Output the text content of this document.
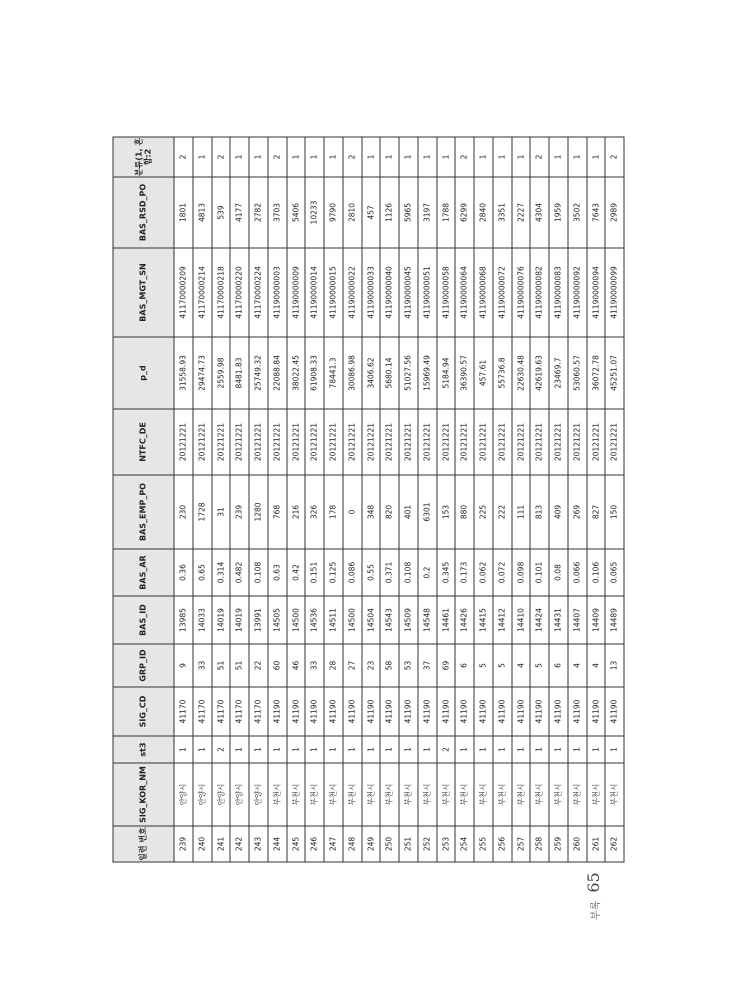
일련 번호	SIG_KOR_NM	st3	SIG_CD	GRP_ID	BAS_ID	BAS_AR	BAS_EMP_PO	NTFC_DE	p_d	BAS_MGT_SN	BAS_RSD_PO	분류(1, 혼합:2
239	안양시	1	41170	9	13985	0.36	230	20121221	31558.93	41170000209	1801	2
240	안양시	1	41170	33	14033	0.65	1728	20121221	29474.73	41170000214	4813	1
241	안양시	2	41170	51	14019	0.314	31	20121221	2559.98	41170000218	539	2
242	안양시	1	41170	51	14019	0.482	239	20121221	8481.83	41170000220	4177	1
243	안양시	1	41170	22	13991	0.108	1280	20121221	25749.32	41170000224	2782	1
244	부천시	1	41190	60	14505	0.63	768	20121221	22088.84	41190000003	3703	2
245	부천시	1	41190	46	14500	0.42	216	20121221	38022.45	41190000009	5406	1
246	부천시	1	41190	33	14536	0.151	326	20121221	61908.33	41190000014	10233	1
247	부천시	1	41190	28	14511	0.125	178	20121221	78441.3	41190000015	9790	1
248	부천시	1	41190	27	14500	0.086	0	20121221	30086.98	41190000022	2810	2
249	부천시	1	41190	23	14504	0.55	348	20121221	3406.62	41190000033	457	1
250	부천시	1	41190	58	14543	0.371	820	20121221	5680.14	41190000040	1126	1
251	부천시	1	41190	53	14509	0.108	401	20121221	51027.56	41190000045	5965	1
252	부천시	1	41190	37	14548	0.2	6301	20121221	15969.49	41190000051	3197	1
253	부천시	2	41190	69	14461	0.345	153	20121221	5184.94	41190000058	1788	1
254	부천시	1	41190	6	14426	0.173	880	20121221	36390.57	41190000064	6299	2
255	부천시	1	41190	5	14415	0.062	225	20121221	457.61	41190000068	2840	1
256	부천시	1	41190	5	14412	0.072	222	20121221	55736.8	41190000072	3351	1
257	부천시	1	41190	4	14410	0.098	111	20121221	22630.48	41190000076	2227	1
258	부천시	1	41190	5	14424	0.101	813	20121221	42619.63	41190000082	4304	2
259	부천시	1	41190	6	14431	0.08	409	20121221	23469.7	41190000083	1959	1
260	부천시	1	41190	4	14407	0.066	269	20121221	53060.57	41190000092	3502	1
261	부천시	1	41190	4	14409	0.106	827	20121221	36072.78	41190000094	7643	1
262	부천시	1	41190	13	14489	0.065	150	20121221	45251.07	41190000099	2989	2
부록
65
